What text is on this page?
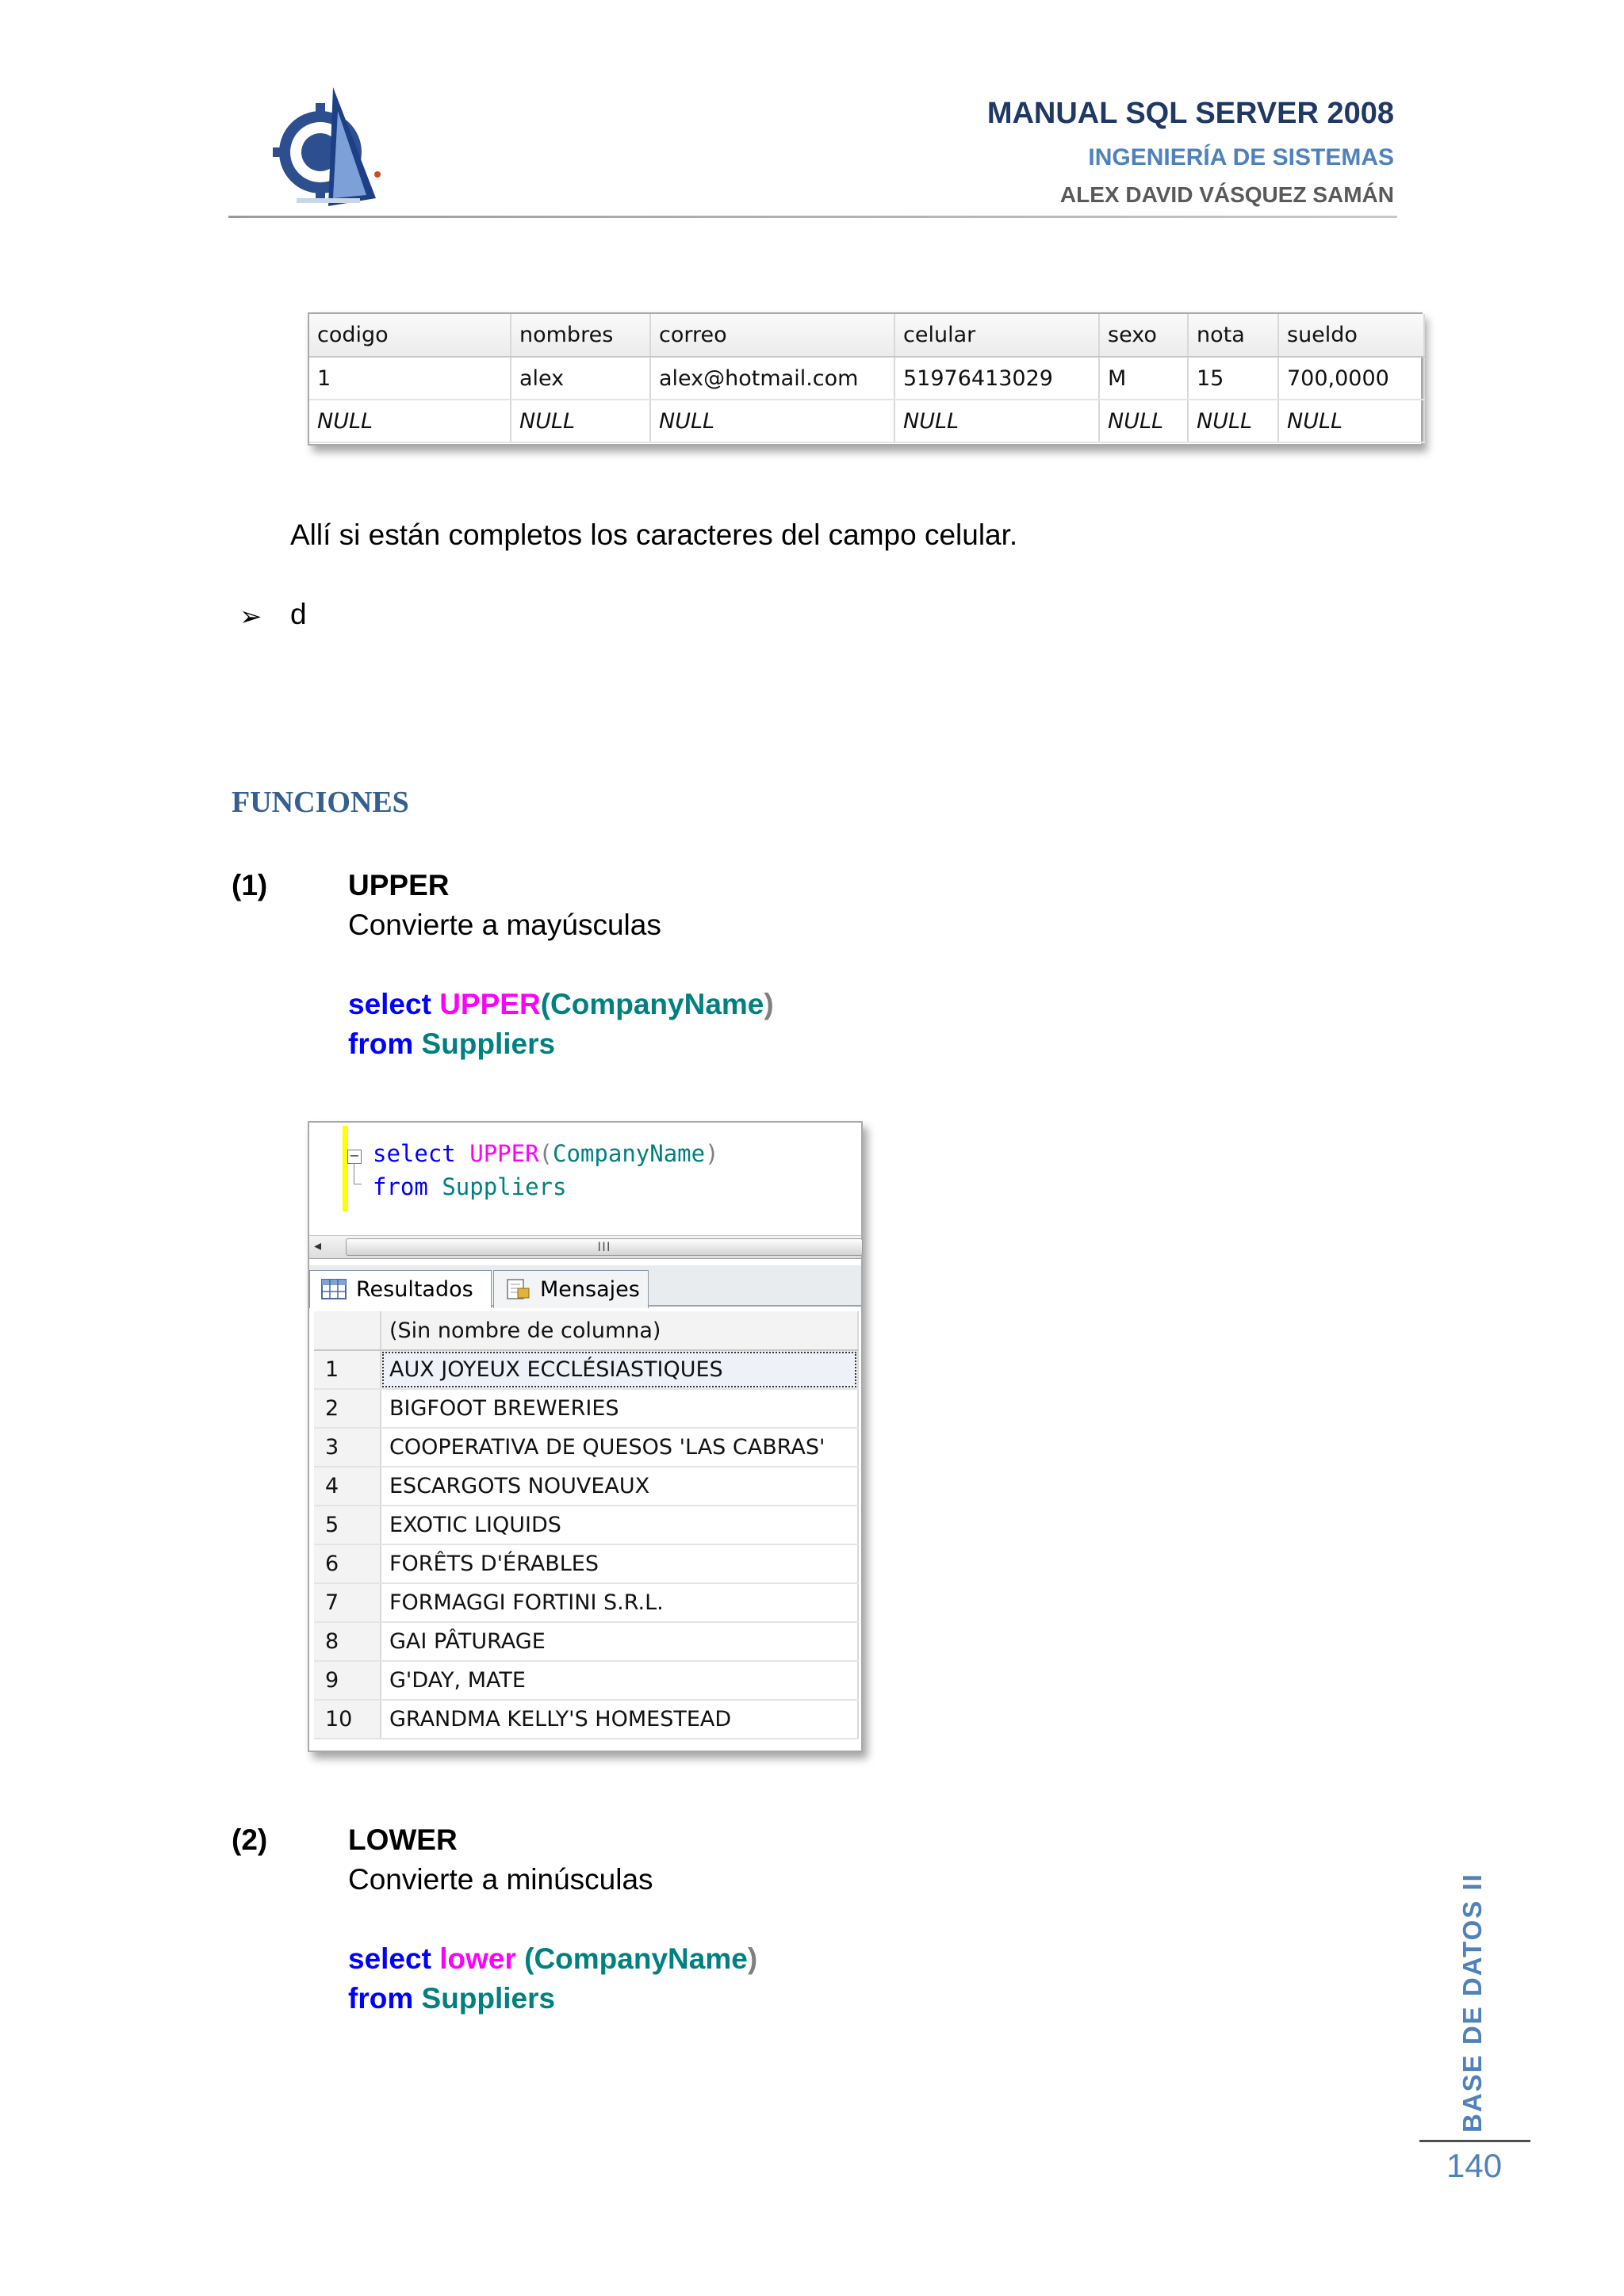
MANUAL SQL SERVER 2008
INGENIERÍA DE SISTEMAS
ALEX DAVID VÁSQUEZ SAMÁN
codigo	nombres	correo	celular	sexo	nota	sueldo
1	alex	alex@hotmail.com	51976413029	M	15	700,0000
NULL	NULL	NULL	NULL	NULL	NULL	NULL
Allí si están completos los caracteres del campo celular.
➢ d
FUNCIONES
(1)	UPPER
Convierte a mayúsculas
select UPPER(CompanyName)
from Suppliers
− select UPPER(CompanyName)
from Suppliers
◂	III
Resultados	Mensajes
	(Sin nombre de columna)
1	AUX JOYEUX ECCLÉSIASTIQUES
2	BIGFOOT BREWERIES
3	COOPERATIVA DE QUESOS 'LAS CABRAS'
4	ESCARGOTS NOUVEAUX
5	EXOTIC LIQUIDS
6	FORÊTS D'ÉRABLES
7	FORMAGGI FORTINI S.R.L.
8	GAI PÂTURAGE
9	G'DAY, MATE
10	GRANDMA KELLY'S HOMESTEAD
(2)	LOWER
Convierte a minúsculas
select lower (CompanyName)
from Suppliers	BASE DE DATOS II
140
